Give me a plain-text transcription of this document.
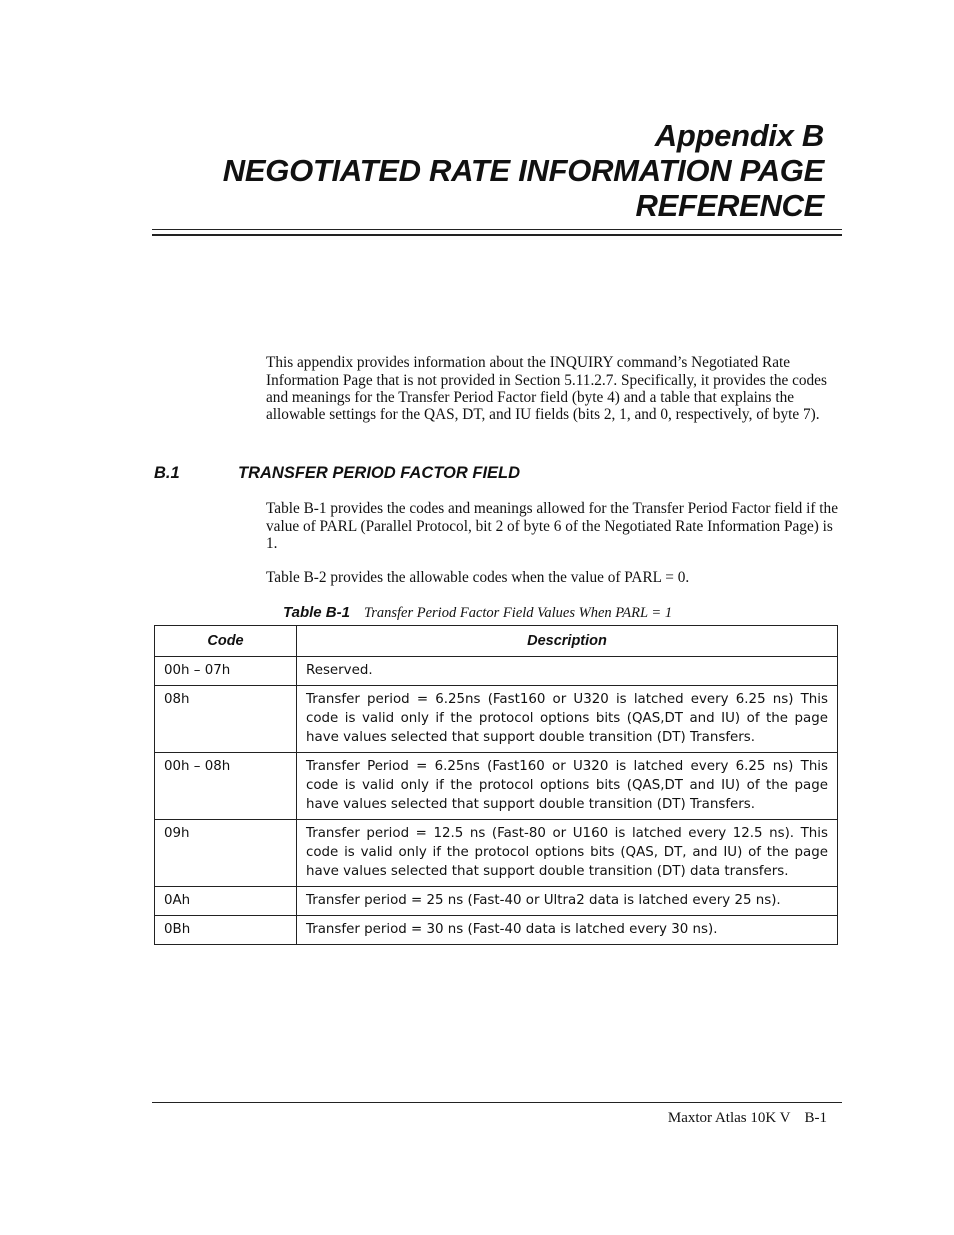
Appendix B
NEGOTIATED RATE INFORMATION PAGE
REFERENCE

This appendix provides information about the INQUIRY command’s Negotiated Rate Information Page that is not provided in Section 5.11.2.7. Specifically, it provides the codes and meanings for the Transfer Period Factor field (byte 4) and a table that explains the allowable settings for the QAS, DT, and IU fields (bits 2, 1, and 0, respectively, of byte 7).

B.1	TRANSFER PERIOD FACTOR FIELD

Table B-1 provides the codes and meanings allowed for the Transfer Period Factor field if the value of PARL (Parallel Protocol, bit 2 of byte 6 of the Negotiated Rate Information Page) is 1.

Table B-2 provides the allowable codes when the value of PARL = 0.

Table B-1 Transfer Period Factor Field Values When PARL = 1
Code	Description
00h – 07h	Reserved.
08h	Transfer period = 6.25ns (Fast160 or U320 is latched every 6.25 ns) This code is valid only if the protocol options bits (QAS,DT and IU) of the page have values selected that support double transition (DT) Transfers.
00h – 08h	Transfer Period = 6.25ns (Fast160 or U320 is latched every 6.25 ns) This code is valid only if the protocol options bits (QAS,DT and IU) of the page have values selected that support double transition (DT) Transfers.
09h	Transfer period = 12.5 ns (Fast-80 or U160 is latched every 12.5 ns). This code is valid only if the protocol options bits (QAS, DT, and IU) of the page have values selected that support double transition (DT) data transfers.
0Ah	Transfer period = 25 ns (Fast-40 or Ultra2 data is latched every 25 ns).
0Bh	Transfer period = 30 ns (Fast-40 data is latched every 30 ns).
Maxtor Atlas 10K V B-1
